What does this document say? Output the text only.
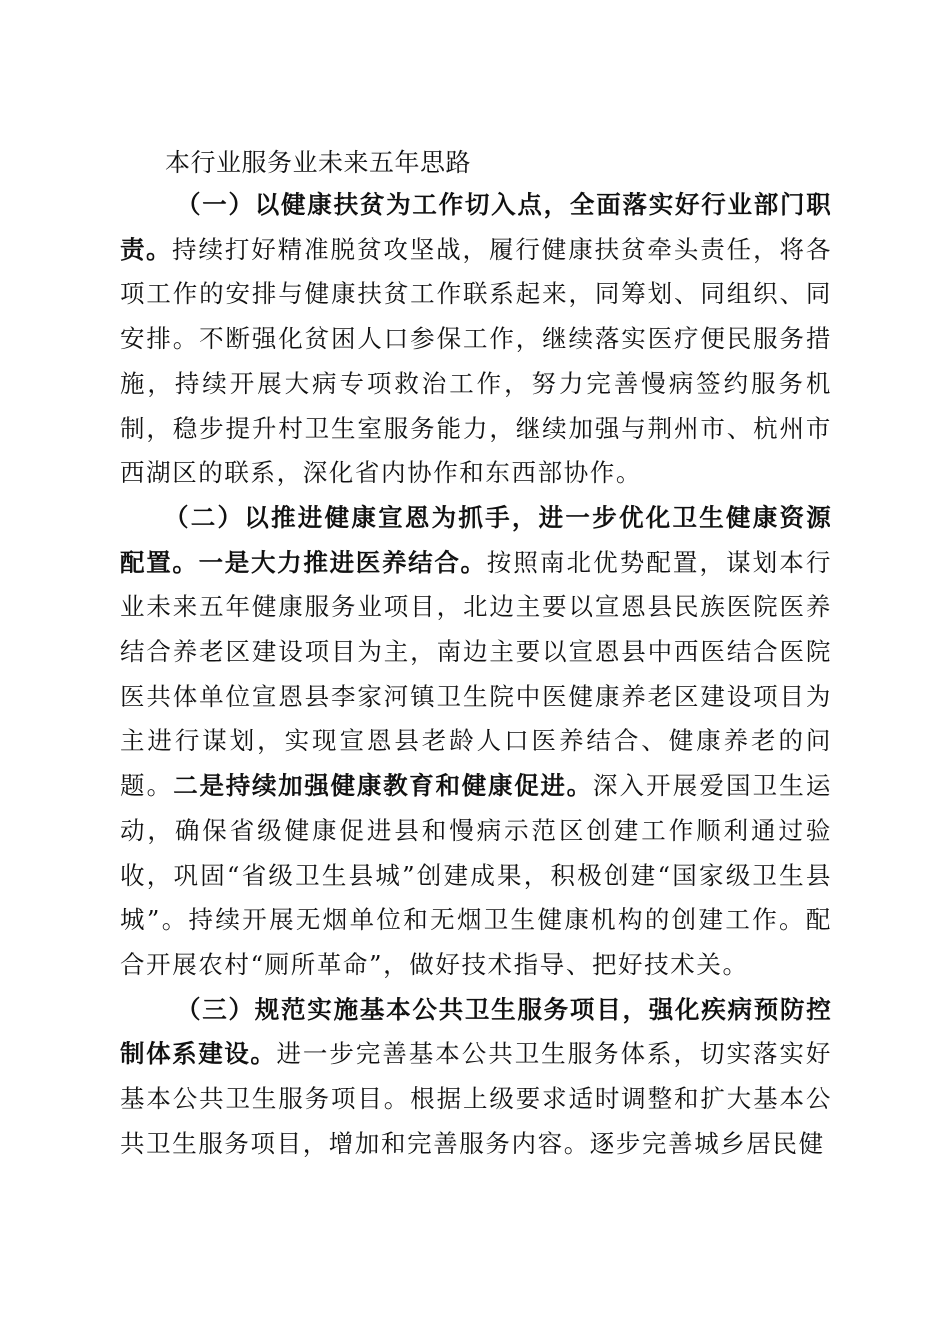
本行业服务业未来五年思路

（一）以健康扶贫为工作切入点，全面落实好行业部门职责。持续打好精准脱贫攻坚战，履行健康扶贫牵头责任，将各项工作的安排与健康扶贫工作联系起来，同筹划、同组织、同安排。不断强化贫困人口参保工作，继续落实医疗便民服务措施，持续开展大病专项救治工作，努力完善慢病签约服务机制，稳步提升村卫生室服务能力，继续加强与荆州市、杭州市西湖区的联系，深化省内协作和东西部协作。

（二）以推进健康宣恩为抓手，进一步优化卫生健康资源配置。一是大力推进医养结合。按照南北优势配置，谋划本行业未来五年健康服务业项目，北边主要以宣恩县民族医院医养结合养老区建设项目为主，南边主要以宣恩县中西医结合医院医共体单位宣恩县李家河镇卫生院中医健康养老区建设项目为主进行谋划，实现宣恩县老龄人口医养结合、健康养老的问题。二是持续加强健康教育和健康促进。深入开展爱国卫生运动，确保省级健康促进县和慢病示范区创建工作顺利通过验收，巩固“省级卫生县城”创建成果，积极创建“国家级卫生县城”。持续开展无烟单位和无烟卫生健康机构的创建工作。配合开展农村“厕所革命”，做好技术指导、把好技术关。

（三）规范实施基本公共卫生服务项目，强化疾病预防控制体系建设。进一步完善基本公共卫生服务体系，切实落实好基本公共卫生服务项目。根据上级要求适时调整和扩大基本公共卫生服务项目，增加和完善服务内容。逐步完善城乡居民健
